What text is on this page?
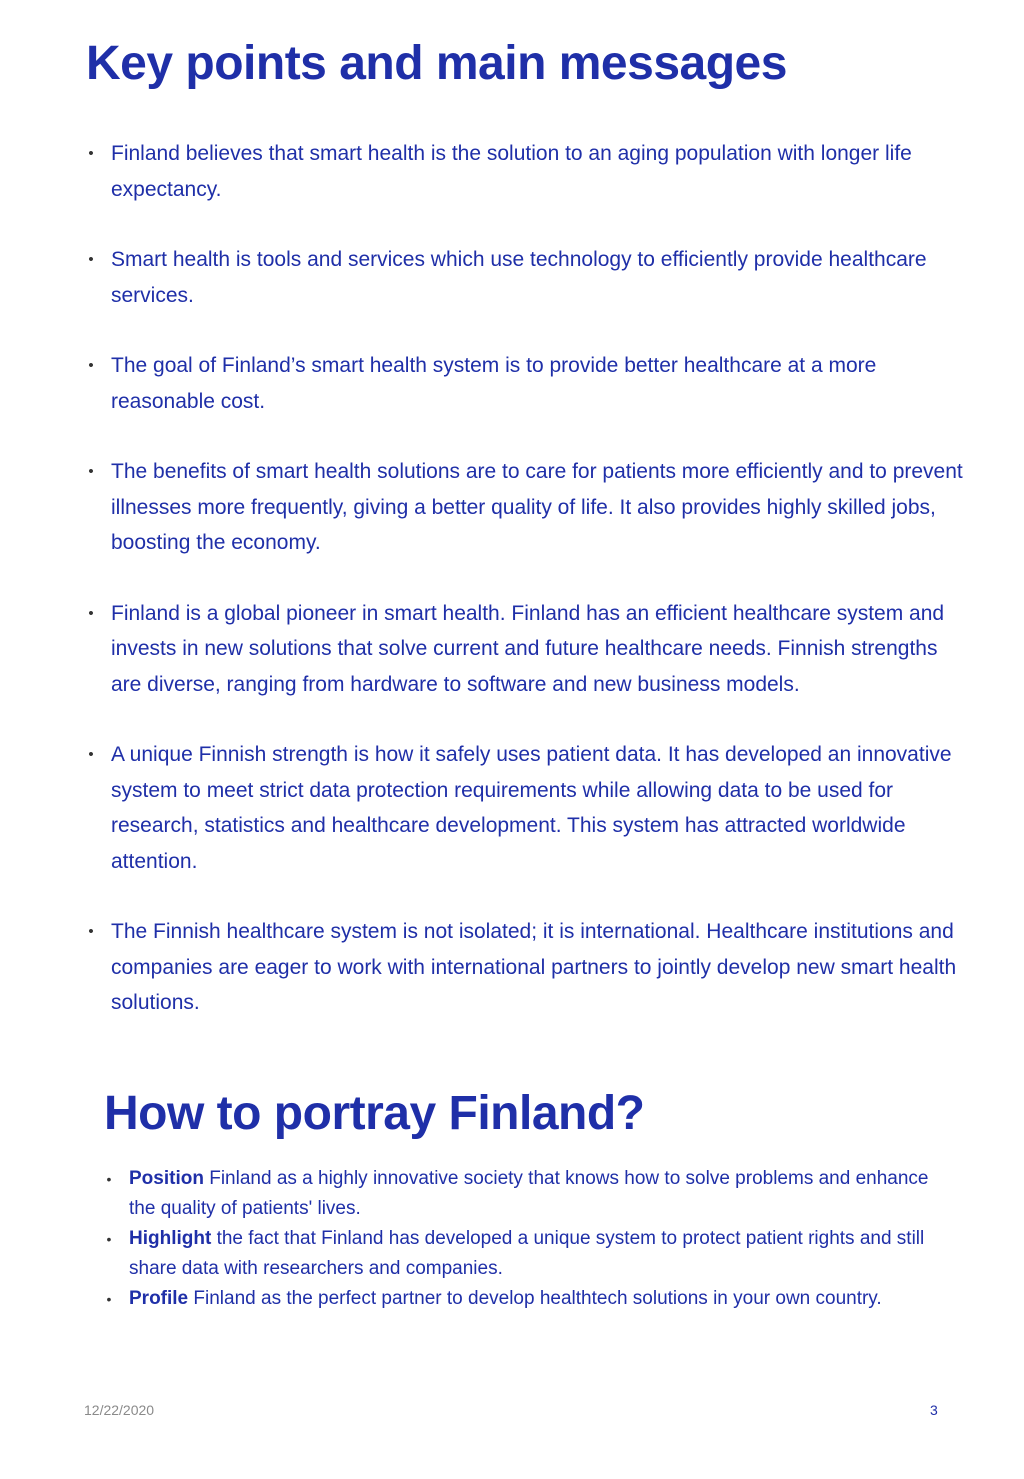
Key points and main messages
• Finland believes that smart health is the solution to an aging population with longer life expectancy.
• Smart health is tools and services which use technology to efficiently provide healthcare services.
• The goal of Finland’s smart health system is to provide better healthcare at a more reasonable cost.
• The benefits of smart health solutions are to care for patients more efficiently and to prevent illnesses more frequently, giving a better quality of life. It also provides highly skilled jobs, boosting the economy.
• Finland is a global pioneer in smart health. Finland has an efficient healthcare system and invests in new solutions that solve current and future healthcare needs. Finnish strengths are diverse, ranging from hardware to software and new business models.
• A unique Finnish strength is how it safely uses patient data. It has developed an innovative system to meet strict data protection requirements while allowing data to be used for research, statistics and healthcare development. This system has attracted worldwide attention.
• The Finnish healthcare system is not isolated; it is international. Healthcare institutions and companies are eager to work with international partners to jointly develop new smart health solutions.
How to portray Finland?
• Position Finland as a highly innovative society that knows how to solve problems and enhance the quality of patients' lives.
• Highlight the fact that Finland has developed a unique system to protect patient rights and still share data with researchers and companies.
• Profile Finland as the perfect partner to develop healthtech solutions in your own country.
12/22/2020	3
